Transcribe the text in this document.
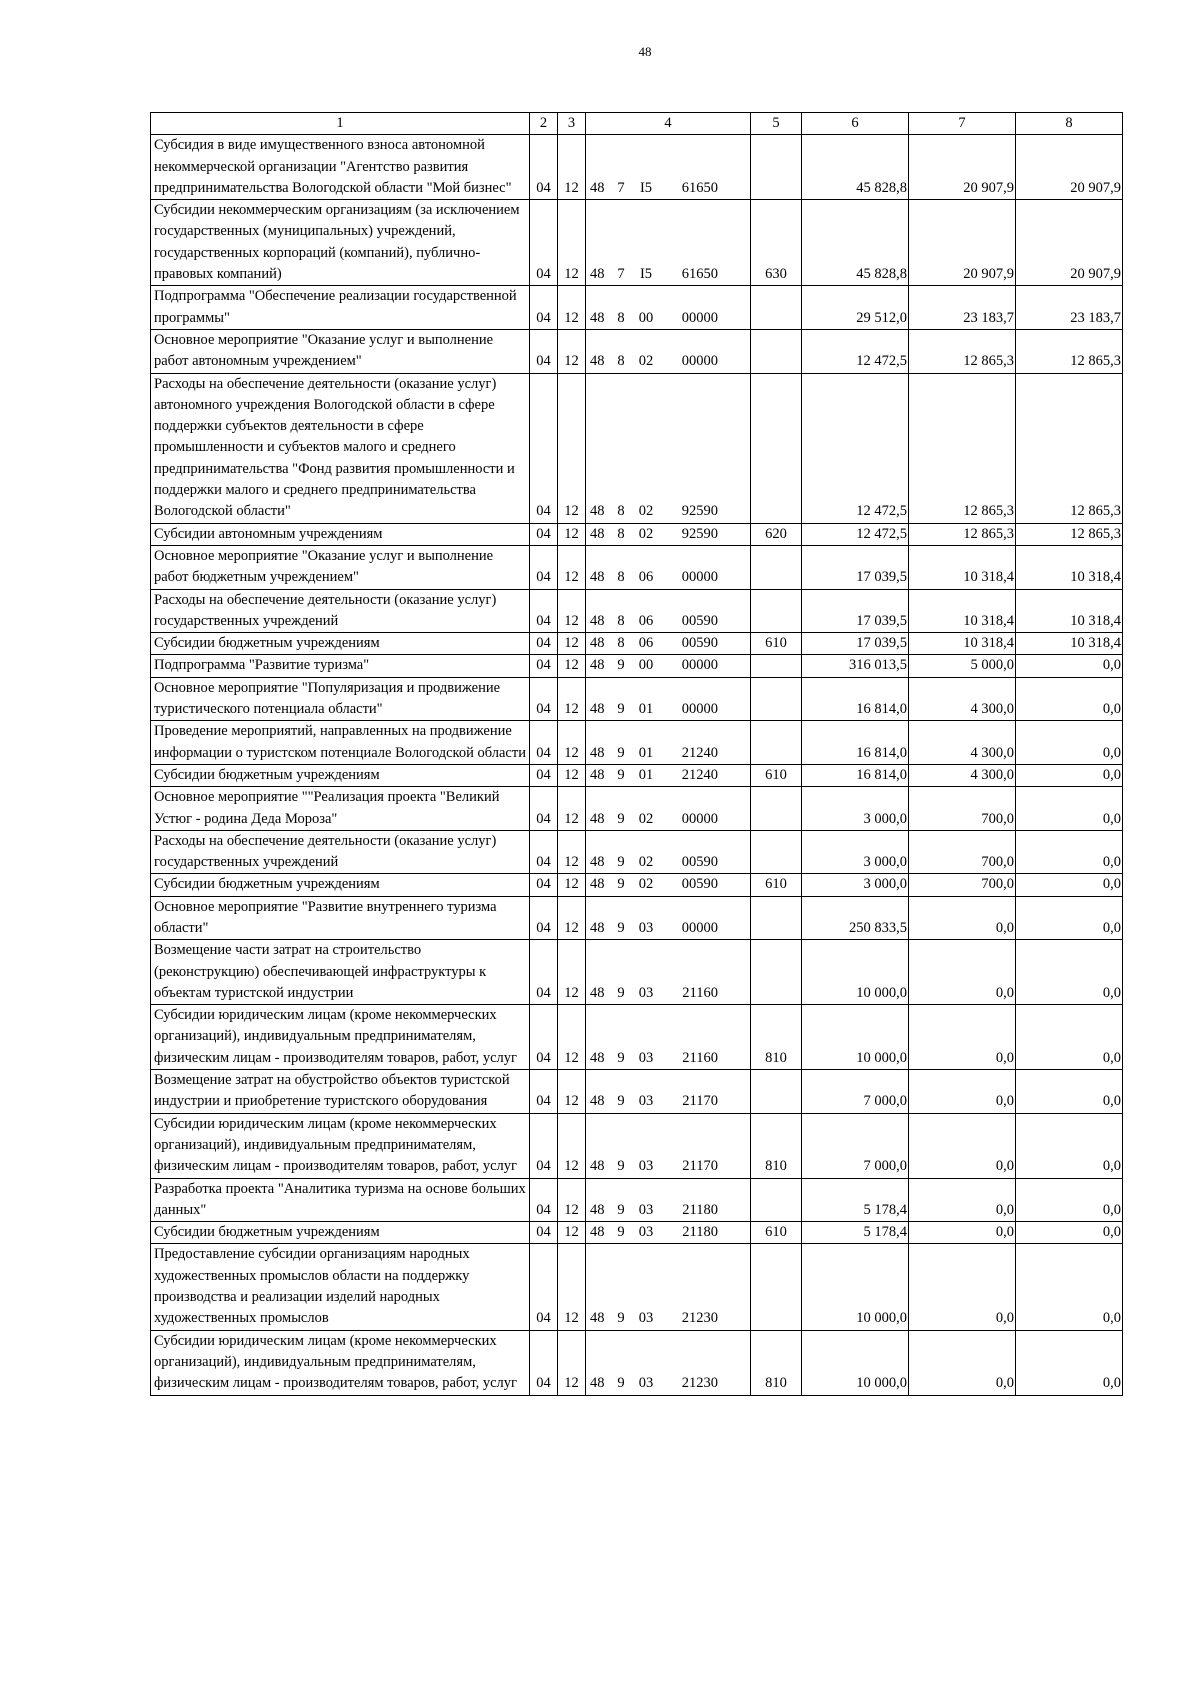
48
1	2	3	4	5	6	7	8
Субсидия в виде имущественного взноса автономной некоммерческой организации "Агентство развития предпринимательства Вологодской области "Мой бизнес"	04	12	48 7 I5 61650		45 828,8	20 907,9	20 907,9
Субсидии некоммерческим организациям (за исключением государственных (муниципальных) учреждений, государственных корпораций (компаний), публично-правовых компаний)	04	12	48 7 I5 61650	630	45 828,8	20 907,9	20 907,9
Подпрограмма "Обеспечение реализации государственной программы"	04	12	48 8 00 00000		29 512,0	23 183,7	23 183,7
Основное мероприятие "Оказание услуг и выполнение работ автономным учреждением"	04	12	48 8 02 00000		12 472,5	12 865,3	12 865,3
Расходы на обеспечение деятельности (оказание услуг) автономного учреждения Вологодской области в сфере поддержки субъектов деятельности в сфере промышленности и субъектов малого и среднего предпринимательства "Фонд развития промышленности и поддержки малого и среднего предпринимательства Вологодской области"	04	12	48 8 02 92590		12 472,5	12 865,3	12 865,3
Субсидии автономным учреждениям	04	12	48 8 02 92590	620	12 472,5	12 865,3	12 865,3
Основное мероприятие "Оказание услуг и выполнение работ бюджетным учреждением"	04	12	48 8 06 00000		17 039,5	10 318,4	10 318,4
Расходы на обеспечение деятельности (оказание услуг) государственных учреждений	04	12	48 8 06 00590		17 039,5	10 318,4	10 318,4
Субсидии бюджетным учреждениям	04	12	48 8 06 00590	610	17 039,5	10 318,4	10 318,4
Подпрограмма "Развитие туризма"	04	12	48 9 00 00000		316 013,5	5 000,0	0,0
Основное мероприятие "Популяризация и продвижение туристического потенциала области"	04	12	48 9 01 00000		16 814,0	4 300,0	0,0
Проведение мероприятий, направленных на продвижение информации о туристском потенциале Вологодской области	04	12	48 9 01 21240		16 814,0	4 300,0	0,0
Субсидии бюджетным учреждениям	04	12	48 9 01 21240	610	16 814,0	4 300,0	0,0
Основное мероприятие ""Реализация проекта "Великий Устюг - родина Деда Мороза"	04	12	48 9 02 00000		3 000,0	700,0	0,0
Расходы на обеспечение деятельности (оказание услуг) государственных учреждений	04	12	48 9 02 00590		3 000,0	700,0	0,0
Субсидии бюджетным учреждениям	04	12	48 9 02 00590	610	3 000,0	700,0	0,0
Основное мероприятие "Развитие внутреннего туризма области"	04	12	48 9 03 00000		250 833,5	0,0	0,0
Возмещение части затрат на строительство (реконструкцию) обеспечивающей инфраструктуры к объектам туристской индустрии	04	12	48 9 03 21160		10 000,0	0,0	0,0
Субсидии юридическим лицам (кроме некоммерческих организаций), индивидуальным предпринимателям, физическим лицам - производителям товаров, работ, услуг	04	12	48 9 03 21160	810	10 000,0	0,0	0,0
Возмещение затрат на обустройство объектов туристской индустрии и приобретение туристского оборудования	04	12	48 9 03 21170		7 000,0	0,0	0,0
Субсидии юридическим лицам (кроме некоммерческих организаций), индивидуальным предпринимателям, физическим лицам - производителям товаров, работ, услуг	04	12	48 9 03 21170	810	7 000,0	0,0	0,0
Разработка проекта "Аналитика туризма на основе больших данных"	04	12	48 9 03 21180		5 178,4	0,0	0,0
Субсидии бюджетным учреждениям	04	12	48 9 03 21180	610	5 178,4	0,0	0,0
Предоставление субсидии организациям народных художественных промыслов области на поддержку производства и реализации изделий народных художественных промыслов	04	12	48 9 03 21230		10 000,0	0,0	0,0
Субсидии юридическим лицам (кроме некоммерческих организаций), индивидуальным предпринимателям, физическим лицам - производителям товаров, работ, услуг	04	12	48 9 03 21230	810	10 000,0	0,0	0,0
